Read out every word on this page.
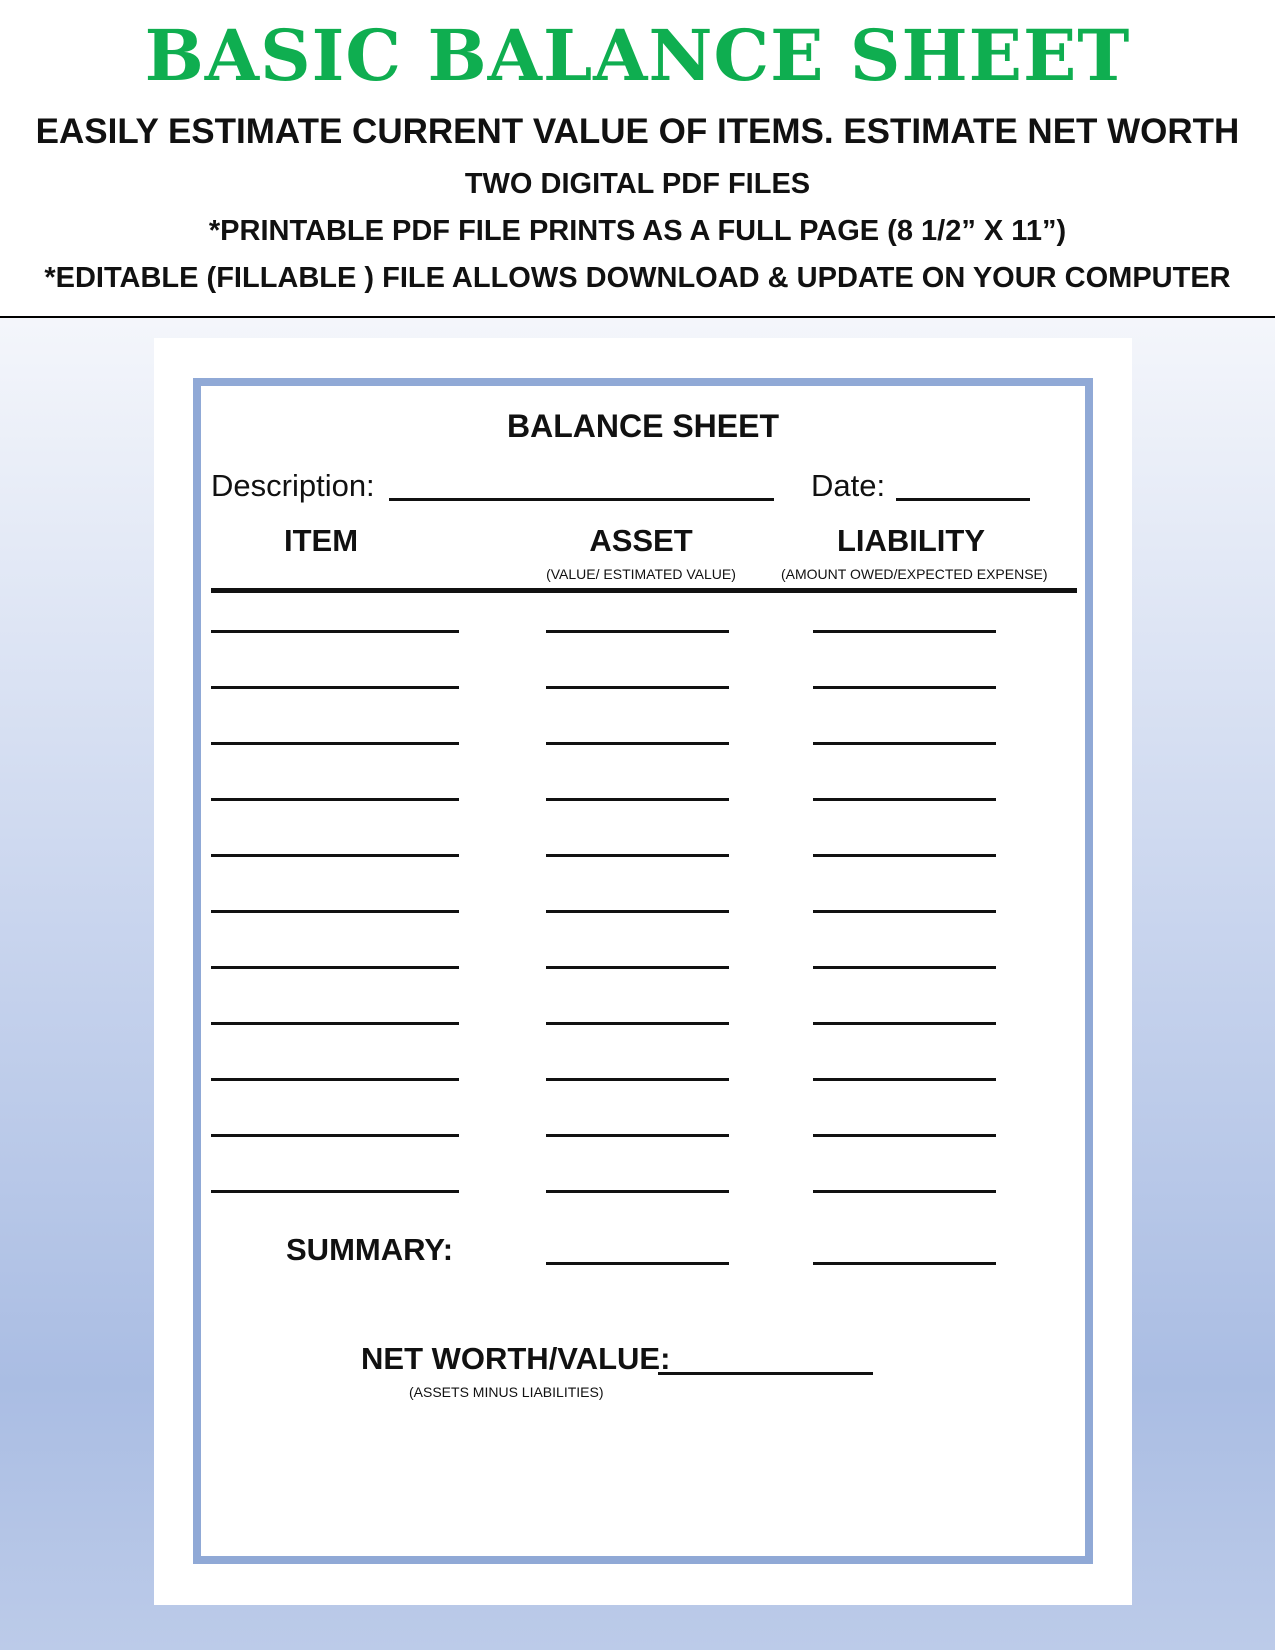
BASIC BALANCE SHEET
EASILY ESTIMATE CURRENT VALUE OF ITEMS. ESTIMATE NET WORTH
TWO DIGITAL PDF FILES
*PRINTABLE PDF FILE PRINTS AS A FULL PAGE (8 1/2” X 11”)
*EDITABLE (FILLABLE ) FILE ALLOWS DOWNLOAD & UPDATE ON YOUR COMPUTER
BALANCE SHEET
Description:	Date:
ITEM	ASSET
(VALUE/ ESTIMATED VALUE)
LIABILITY
(AMOUNT OWED/EXPECTED EXPENSE)
SUMMARY:
NET WORTH/VALUE:
(ASSETS MINUS LIABILITIES)
